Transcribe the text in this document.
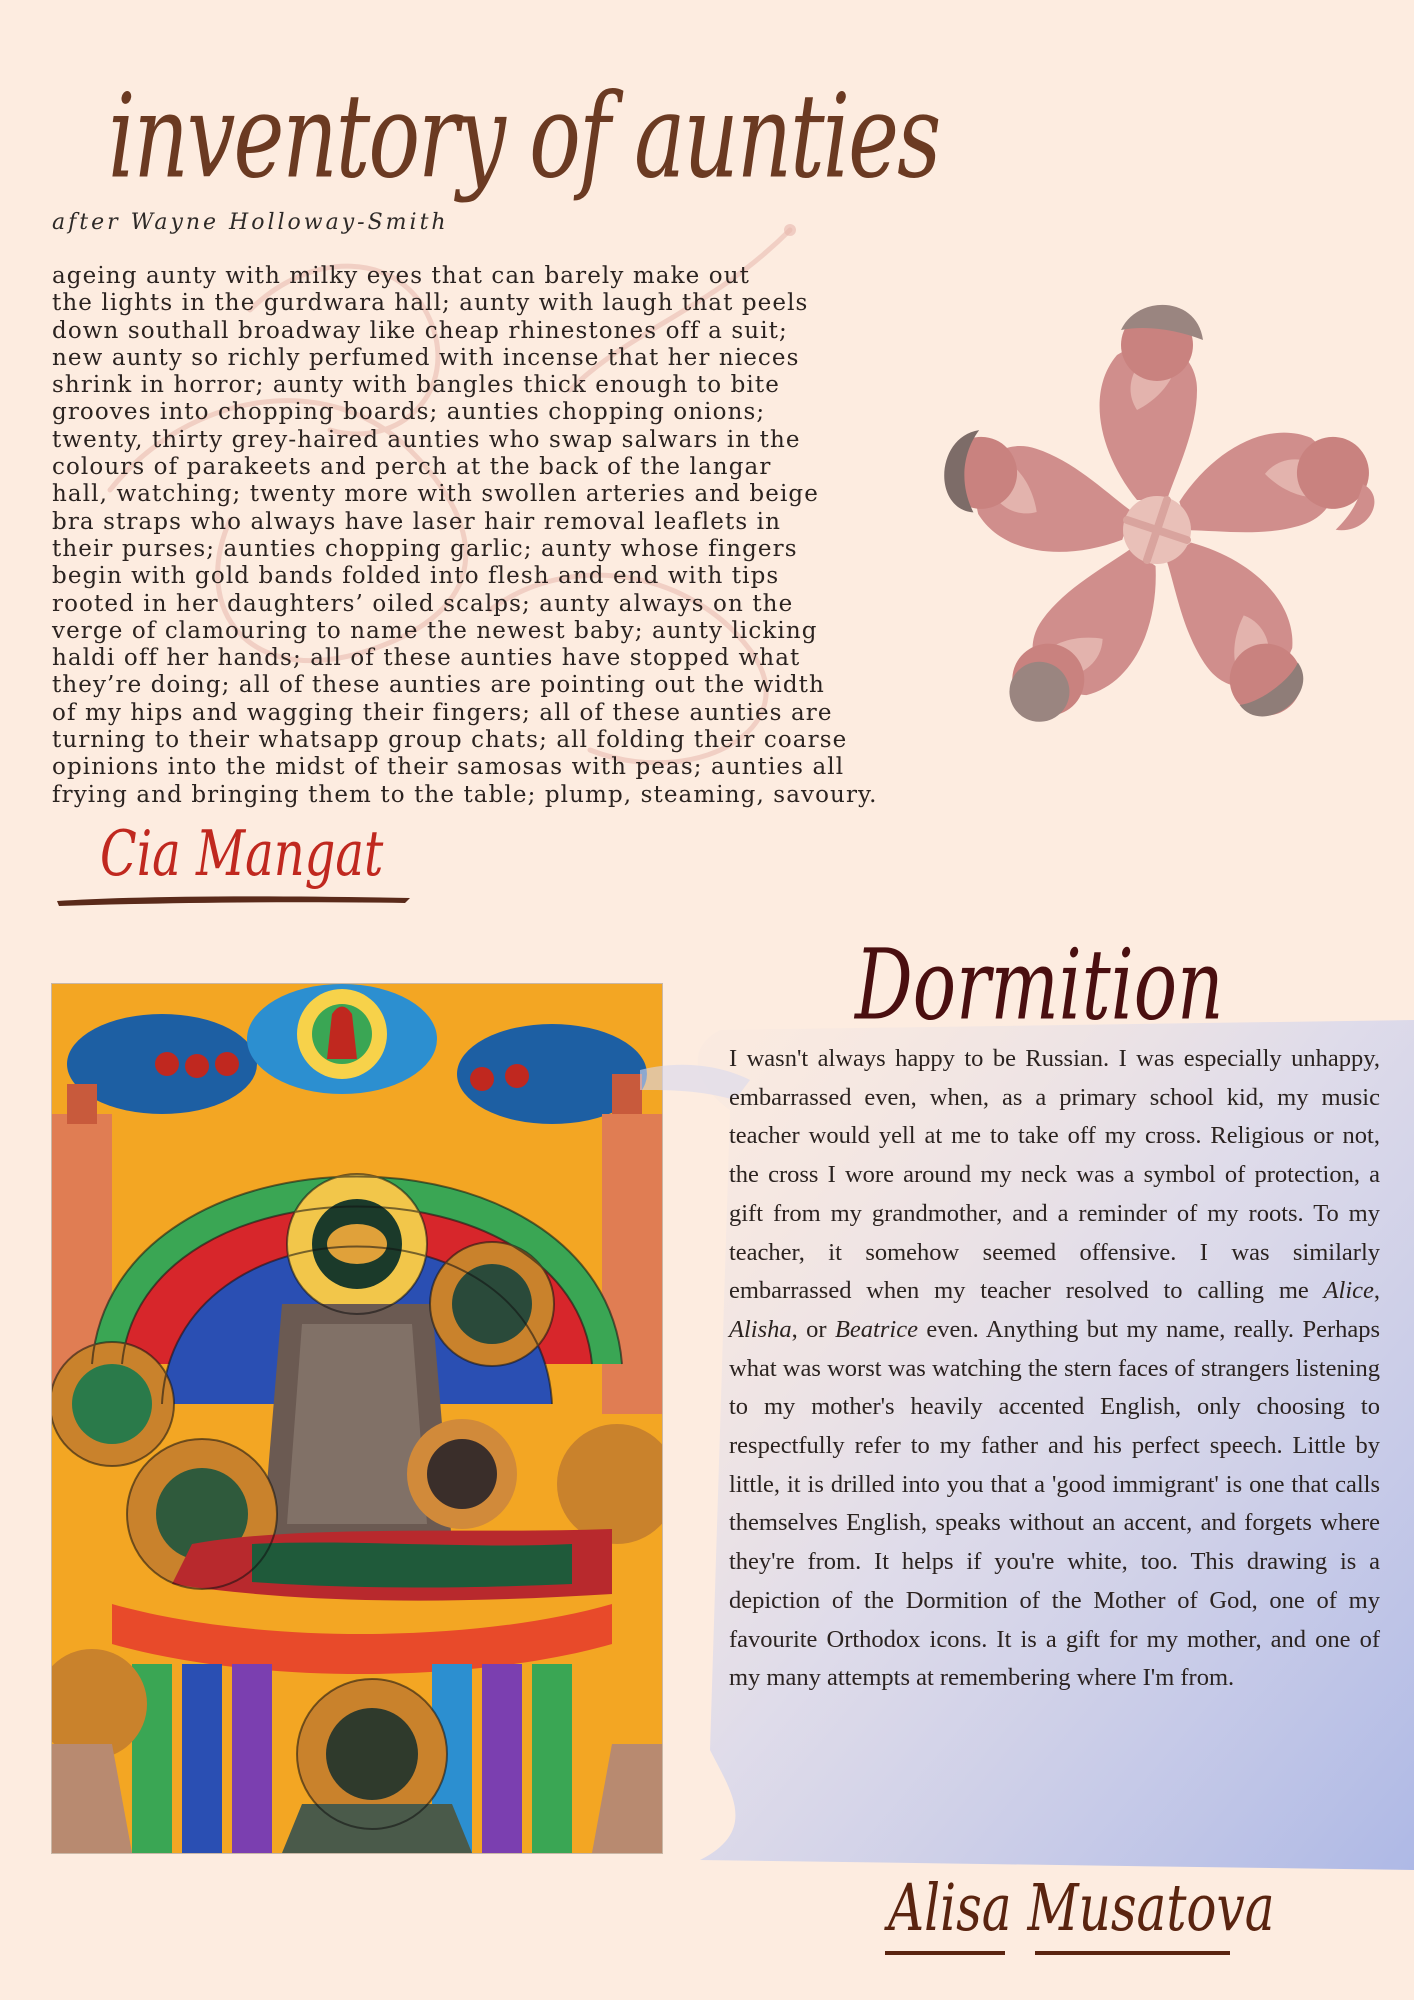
inventory of aunties

after Wayne Holloway-Smith

ageing aunty with milky eyes that can barely make out
the lights in the gurdwara hall; aunty with laugh that peels
down southall broadway like cheap rhinestones off a suit;
new aunty so richly perfumed with incense that her nieces
shrink in horror; aunty with bangles thick enough to bite
grooves into chopping boards; aunties chopping onions;
twenty, thirty grey-haired aunties who swap salwars in the
colours of parakeets and perch at the back of the langar
hall, watching; twenty more with swollen arteries and beige
bra straps who always have laser hair removal leaflets in
their purses; aunties chopping garlic; aunty whose fingers
begin with gold bands folded into flesh and end with tips
rooted in her daughters’ oiled scalps; aunty always on the
verge of clamouring to name the newest baby; aunty licking
haldi off her hands; all of these aunties have stopped what
they’re doing; all of these aunties are pointing out the width
of my hips and wagging their fingers; all of these aunties are
turning to their whatsapp group chats; all folding their coarse
opinions into the midst of their samosas with peas; aunties all
frying and bringing them to the table; plump, steaming, savoury.

Cia Mangat

Dormition

I wasn't always happy to be Russian. I was especially unhappy, embarrassed even, when, as a primary school kid, my music teacher would yell at me to take off my cross. Religious or not, the cross I wore around my neck was a symbol of protection, a gift from my grandmother, and a reminder of my roots. To my teacher, it somehow seemed offensive. I was similarly embarrassed when my teacher resolved to calling me Alice, Alisha, or Beatrice even. Anything but my name, really. Perhaps what was worst was watching the stern faces of strangers listening to my mother's heavily accented English, only choosing to respectfully refer to my father and his perfect speech. Little by little, it is drilled into you that a 'good immigrant' is one that calls themselves English, speaks without an accent, and forgets where they're from. It helps if you're white, too. This drawing is a depiction of the Dormition of the Mother of God, one of my favourite Orthodox icons. It is a gift for my mother, and one of my many attempts at remembering where I'm from.

Alisa Musatova
